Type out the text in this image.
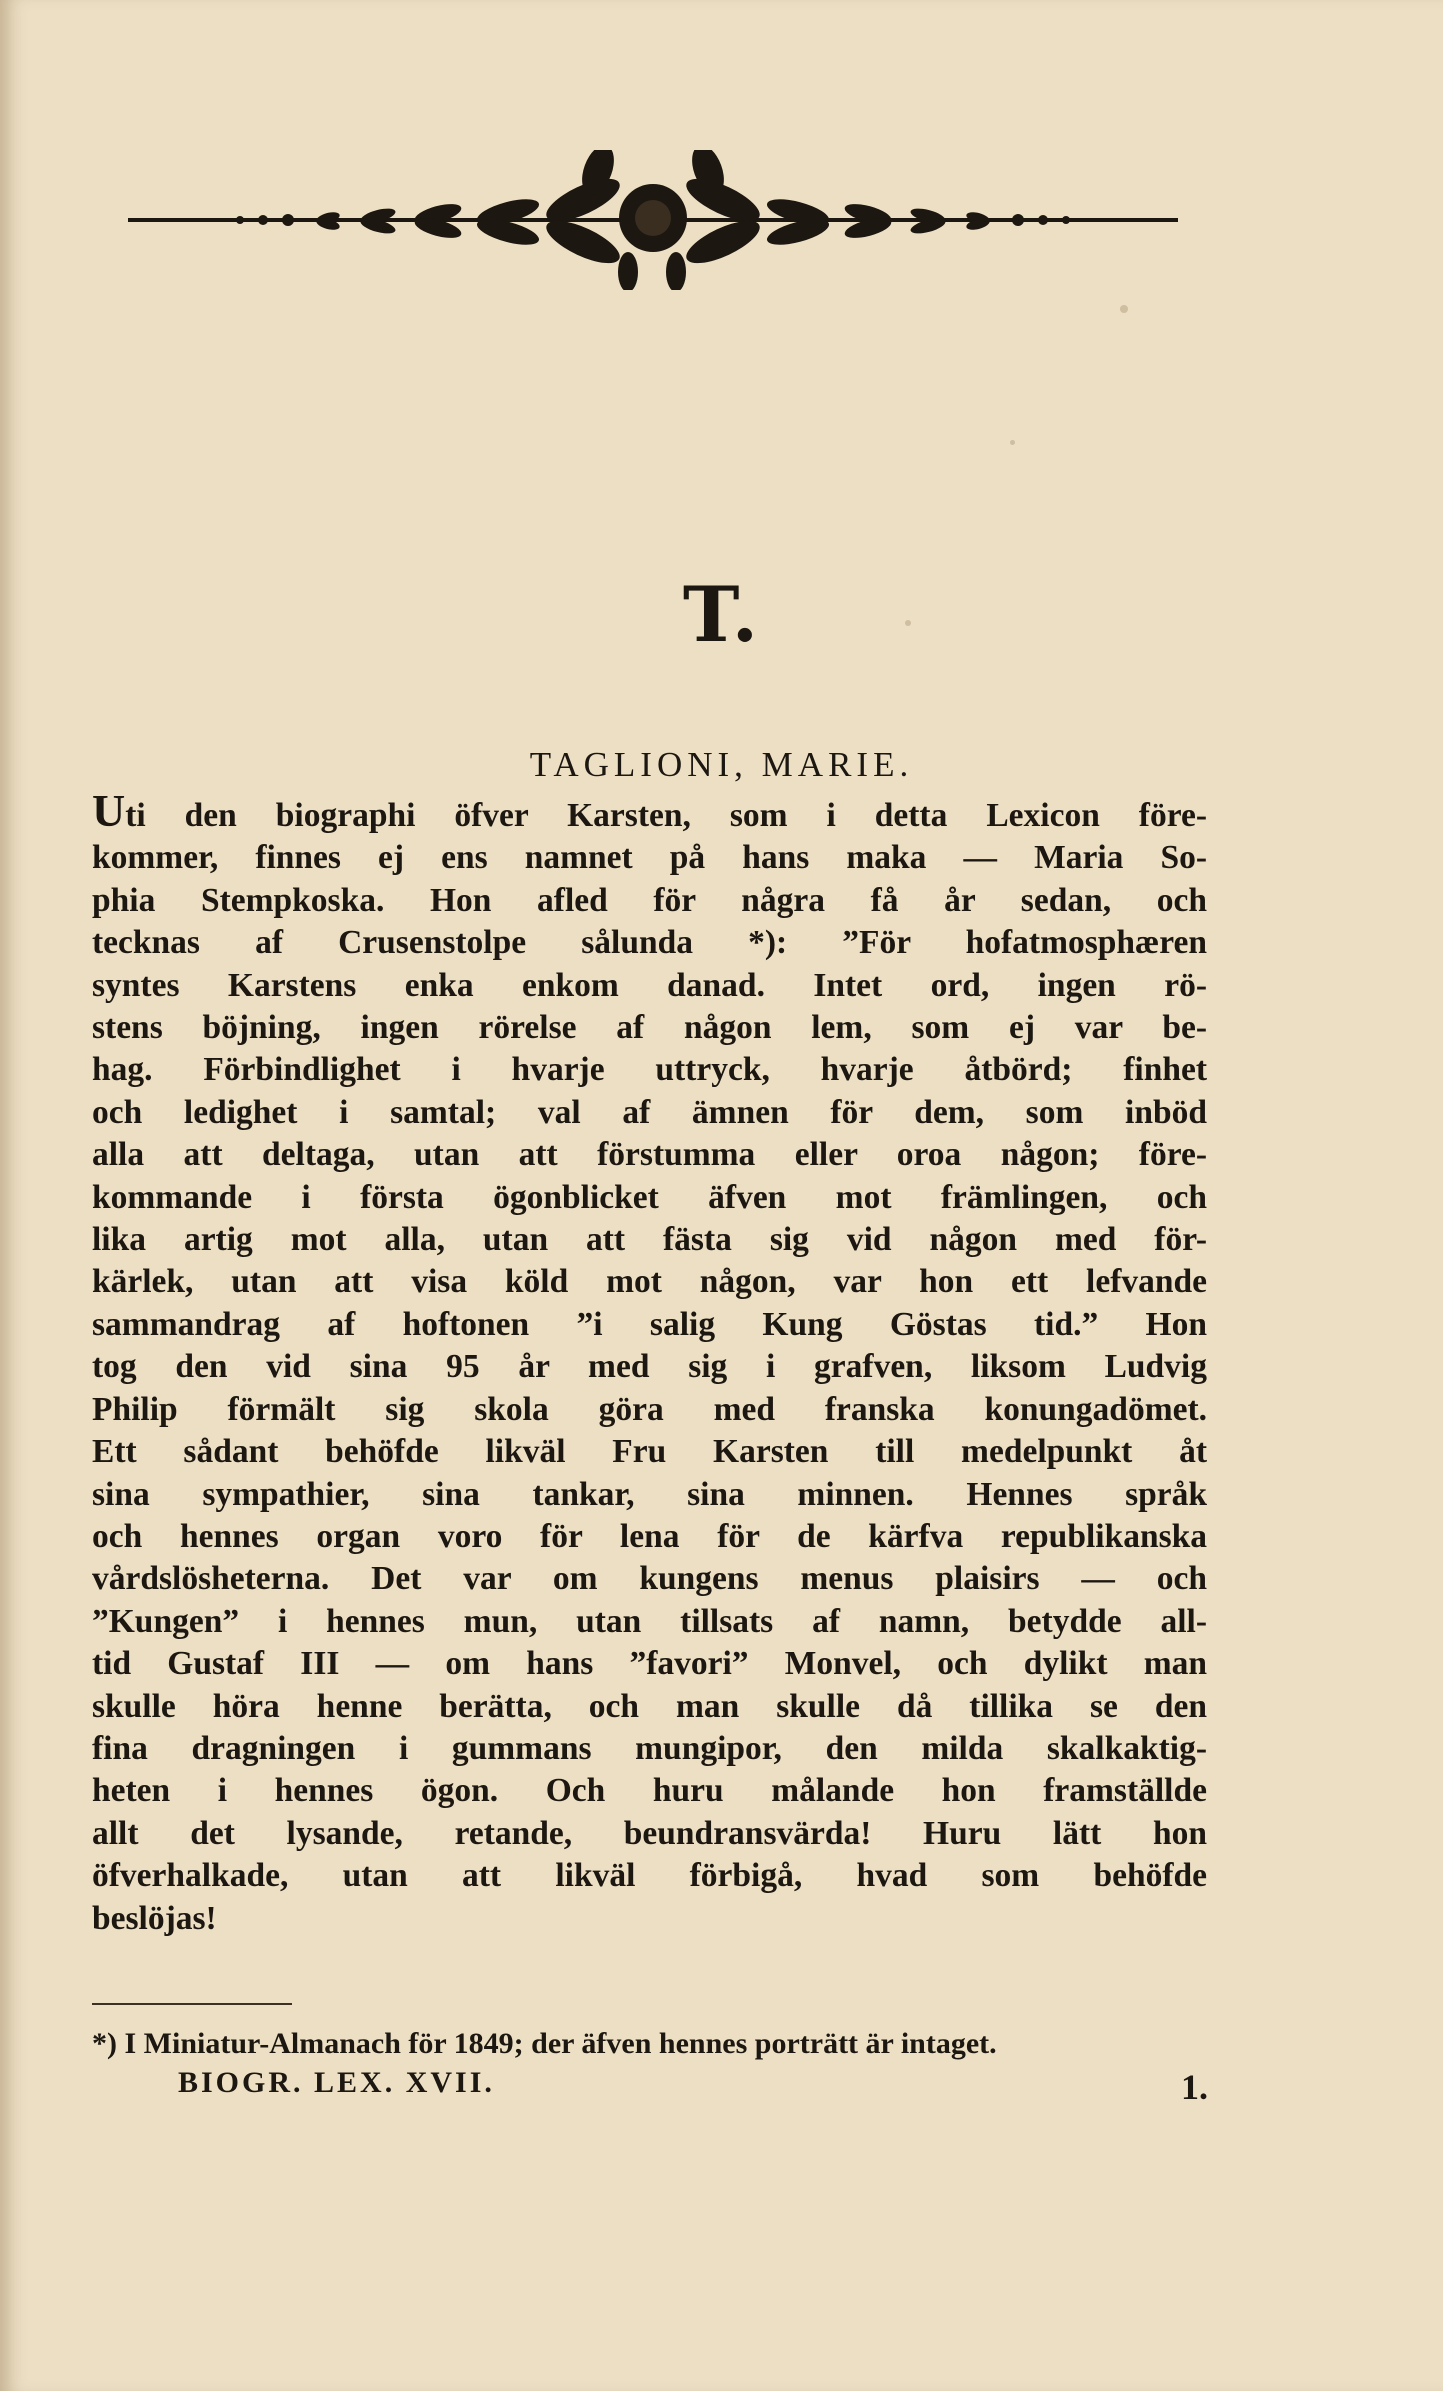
T.
TAGLIONI, MARIE.
Uti den biographi öfver Karsten, som i detta Lexicon före-
kommer, finnes ej ens namnet på hans maka — Maria So-
phia Stempkoska. Hon afled för några få år sedan, och
tecknas af Crusenstolpe sålunda *): ”För hofatmosphæren
syntes Karstens enka enkom danad. Intet ord, ingen rö-
stens böjning, ingen rörelse af någon lem, som ej var be-
hag. Förbindlighet i hvarje uttryck, hvarje åtbörd; finhet
och ledighet i samtal; val af ämnen för dem, som inböd
alla att deltaga, utan att förstumma eller oroa någon; före-
kommande i första ögonblicket äfven mot främlingen, och
lika artig mot alla, utan att fästa sig vid någon med för-
kärlek, utan att visa köld mot någon, var hon ett lefvande
sammandrag af hoftonen ”i salig Kung Göstas tid.” Hon
tog den vid sina 95 år med sig i grafven, liksom Ludvig
Philip förmält sig skola göra med franska konungadömet.
Ett sådant behöfde likväl Fru Karsten till medelpunkt åt
sina sympathier, sina tankar, sina minnen. Hennes språk
och hennes organ voro för lena för de kärfva republikanska
vårdslösheterna. Det var om kungens menus plaisirs — och
”Kungen” i hennes mun, utan tillsats af namn, betydde all-
tid Gustaf III — om hans ”favori” Monvel, och dylikt man
skulle höra henne berätta, och man skulle då tillika se den
fina dragningen i gummans mungipor, den milda skalkaktig-
heten i hennes ögon. Och huru målande hon framställde
allt det lysande, retande, beundransvärda! Huru lätt hon
öfverhalkade, utan att likväl förbigå, hvad som behöfde
beslöjas!
*) I Miniatur-Almanach för 1849; der äfven hennes porträtt är intaget.
BIOGR. LEX. XVII.	1.
